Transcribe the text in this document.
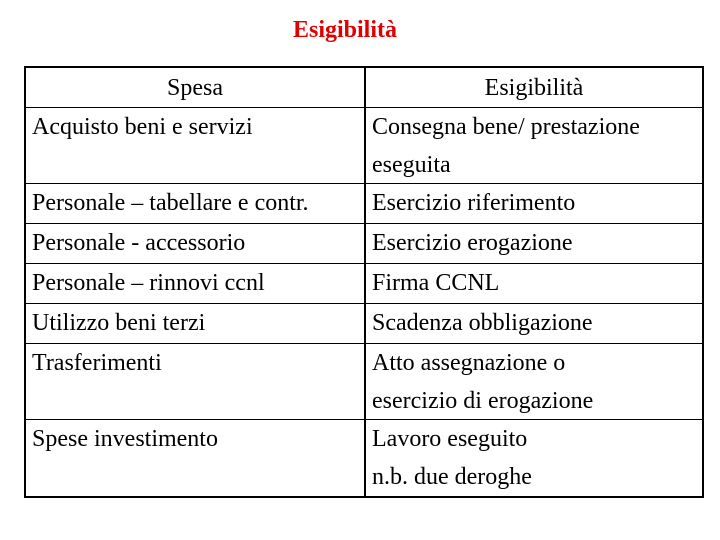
Esigibilità
Spesa	Esigibilità
Acquisto beni e servizi	Consegna bene/ prestazione
eseguita
Personale – tabellare e contr.	Esercizio riferimento
Personale - accessorio	Esercizio erogazione
Personale – rinnovi ccnl	Firma CCNL
Utilizzo beni terzi	Scadenza obbligazione
Trasferimenti	Atto assegnazione o
esercizio di erogazione
Spese investimento	Lavoro eseguito
n.b. due deroghe
